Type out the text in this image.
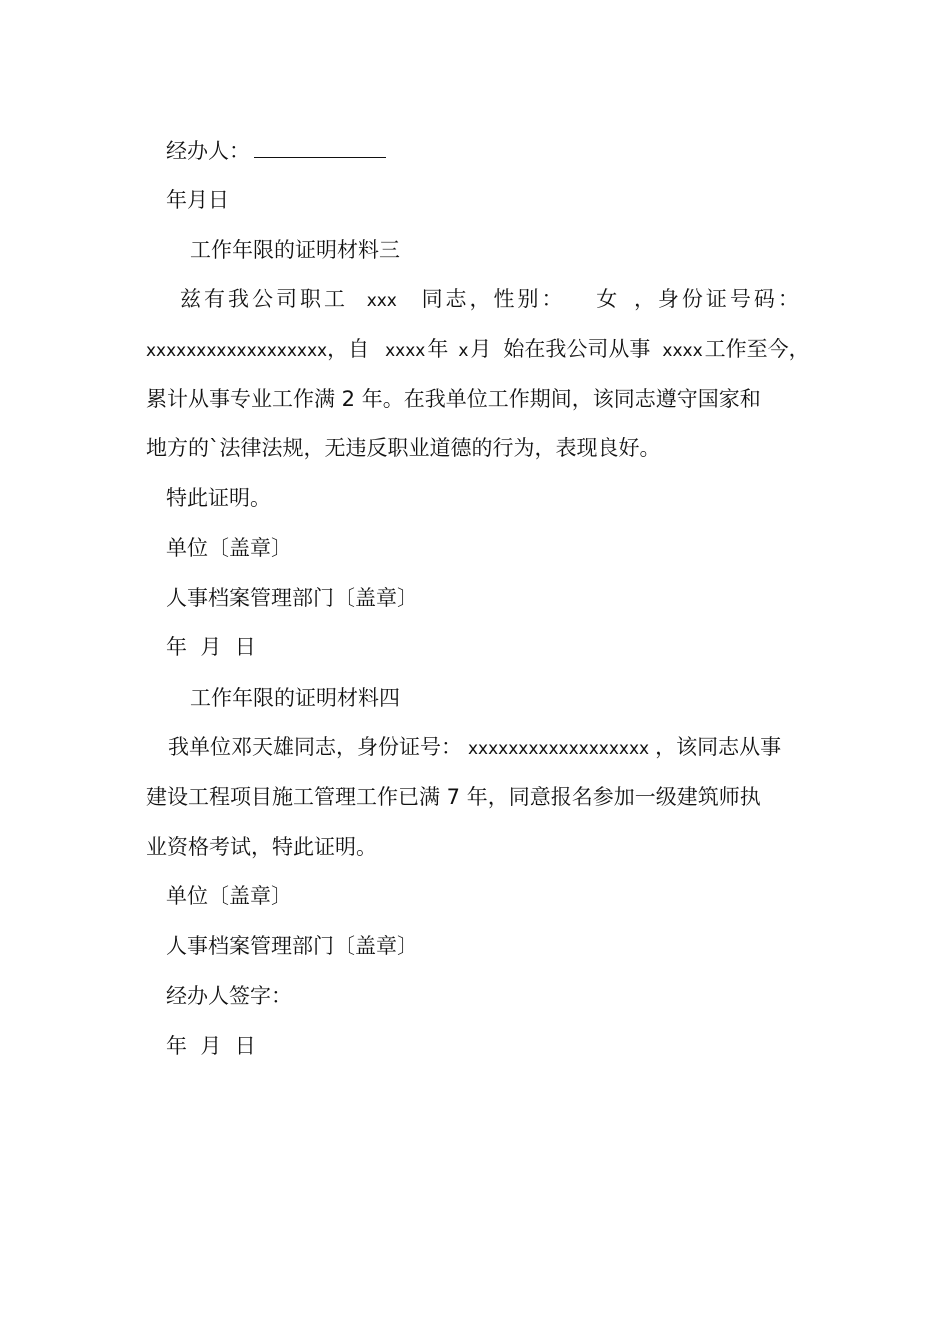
经办人：
年月日
工作年限的证明材料三
兹有我公司职工 xxx 同志，性别： 女 ，身份证号码：
xxxxxxxxxxxxxxxxxx，自 xxxx年 x月 始在我公司从事 xxxx工作至今，
累计从事专业工作满 2 年。在我单位工作期间，该同志遵守国家和
地方的`法律法规，无违反职业道德的行为，表现良好。
特此证明。
单位〔盖章〕
人事档案管理部门〔盖章〕
年  月  日
工作年限的证明材料四
我单位邓天雄同志，身份证号： xxxxxxxxxxxxxxxxxx ，该同志从事
建设工程项目施工管理工作已满 7 年，同意报名参加一级建筑师执
业资格考试，特此证明。
单位〔盖章〕
人事档案管理部门〔盖章〕
经办人签字：
年  月  日
